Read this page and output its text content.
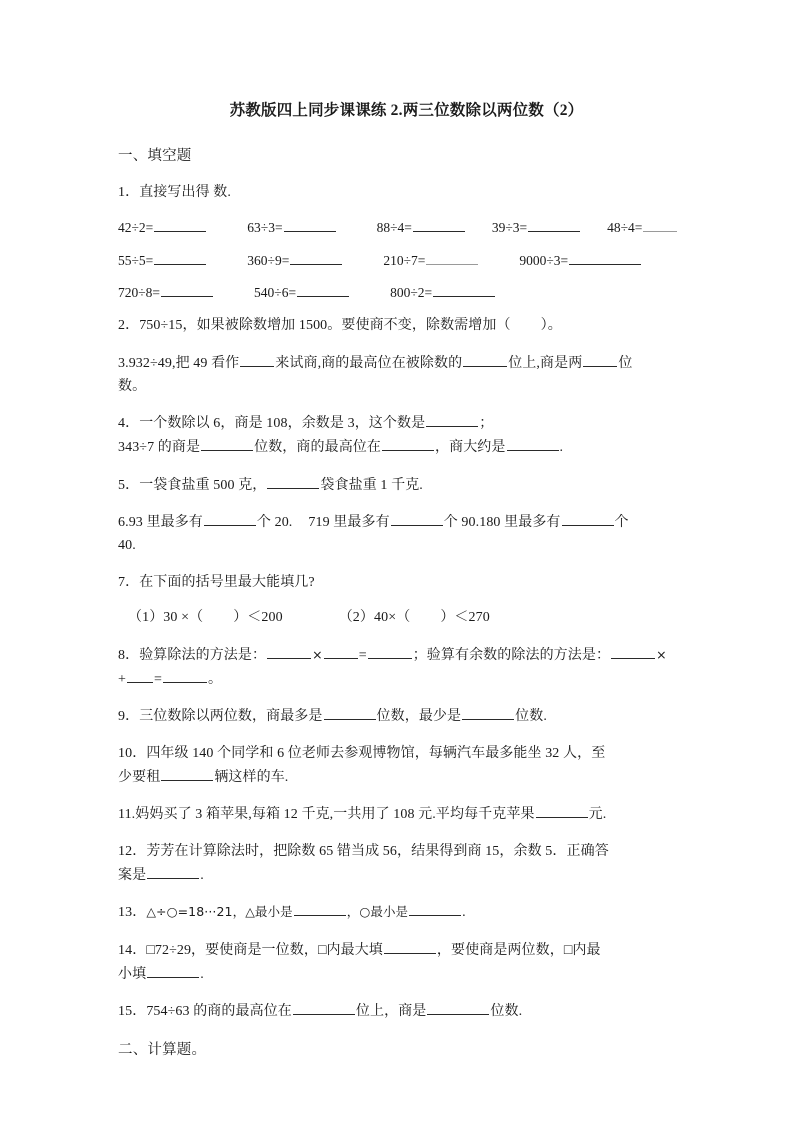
苏教版四上同步课课练 2.两三位数除以两位数（2）
一、填空题
1．直接写出得 数.
42÷2=	63÷3=	88÷4=	39÷3=	48÷4=
55÷5=	360÷9=	210÷7=	9000÷3=
720÷8=	540÷6=	800÷2=
2．750÷15，如果被除数增加 1500。要使商不变，除数需增加（ ）。
3.932÷49,把 49 看作	来试商,商的最高位在被除数的	位上,商是两	位
数。
4．一个数除以 6，商是 108，余数是 3，这个数是	；
343÷7 的商是	位数，商的最高位在	，商大约是	.
5．一袋食盐重 500 克，	袋食盐重 1 千克.
6.93 里最多有	个 20. 719 里最多有	个 90.180 里最多有	个
40.
7．在下面的括号里最大能填几?
（1）30 ×（ ）＜200	（2）40×（ ）＜270
8．验算除法的方法是：	×	=	；验算有余数的除法的方法是：	×
+ =	。
9．三位数除以两位数，商最多是	位数，最少是	位数.
10．四年级 140 个同学和 6 位老师去参观博物馆，每辆汽车最多能坐 32 人，至
少要租	辆这样的车.
11.妈妈买了 3 箱苹果,每箱 12 千克,一共用了 108 元.平均每千克苹果	元.
12．芳芳在计算除法时，把除数 65 错当成 56，结果得到商 15，余数 5．正确答
案是	.
13．△÷○=18···21，△最小是	，○最小是	.
14．□72÷29，要使商是一位数，□内最大填	，要使商是两位数，□内最
小填	.
15．754÷63 的商的最高位在	位上，商是	位数.
二、计算题。
